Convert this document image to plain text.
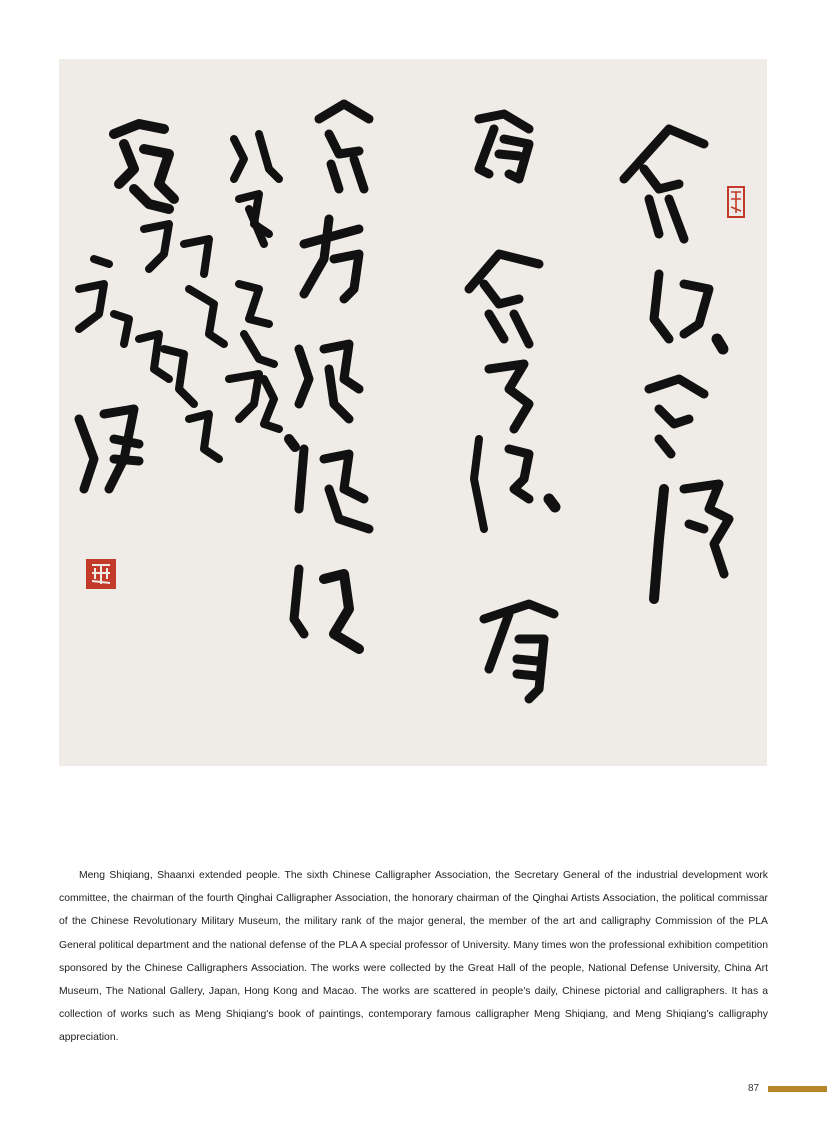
Meng Shiqiang, Shaanxi extended people. The sixth Chinese Calligrapher Association, the Secretary General of the industrial development work committee, the chairman of the fourth Qinghai Calligrapher Association, the honorary chairman of the Qinghai Artists Association, the political commissar of the Chinese Revolutionary Military Museum, the military rank of the major general, the member of the art and calligraphy Commission of the PLA General political department and the national defense of the PLA A special professor of University. Many times won the professional exhibition competition sponsored by the Chinese Calligraphers Association. The works were collected by the Great Hall of the people, National Defense University, China Art Museum, The National Gallery, Japan, Hong Kong and Macao. The works are scattered in people's daily, Chinese pictorial and calligraphers. It has a collection of works such as Meng Shiqiang's book of paintings, contemporary famous calligrapher Meng Shiqiang, and Meng Shiqiang's calligraphy appreciation.

87
